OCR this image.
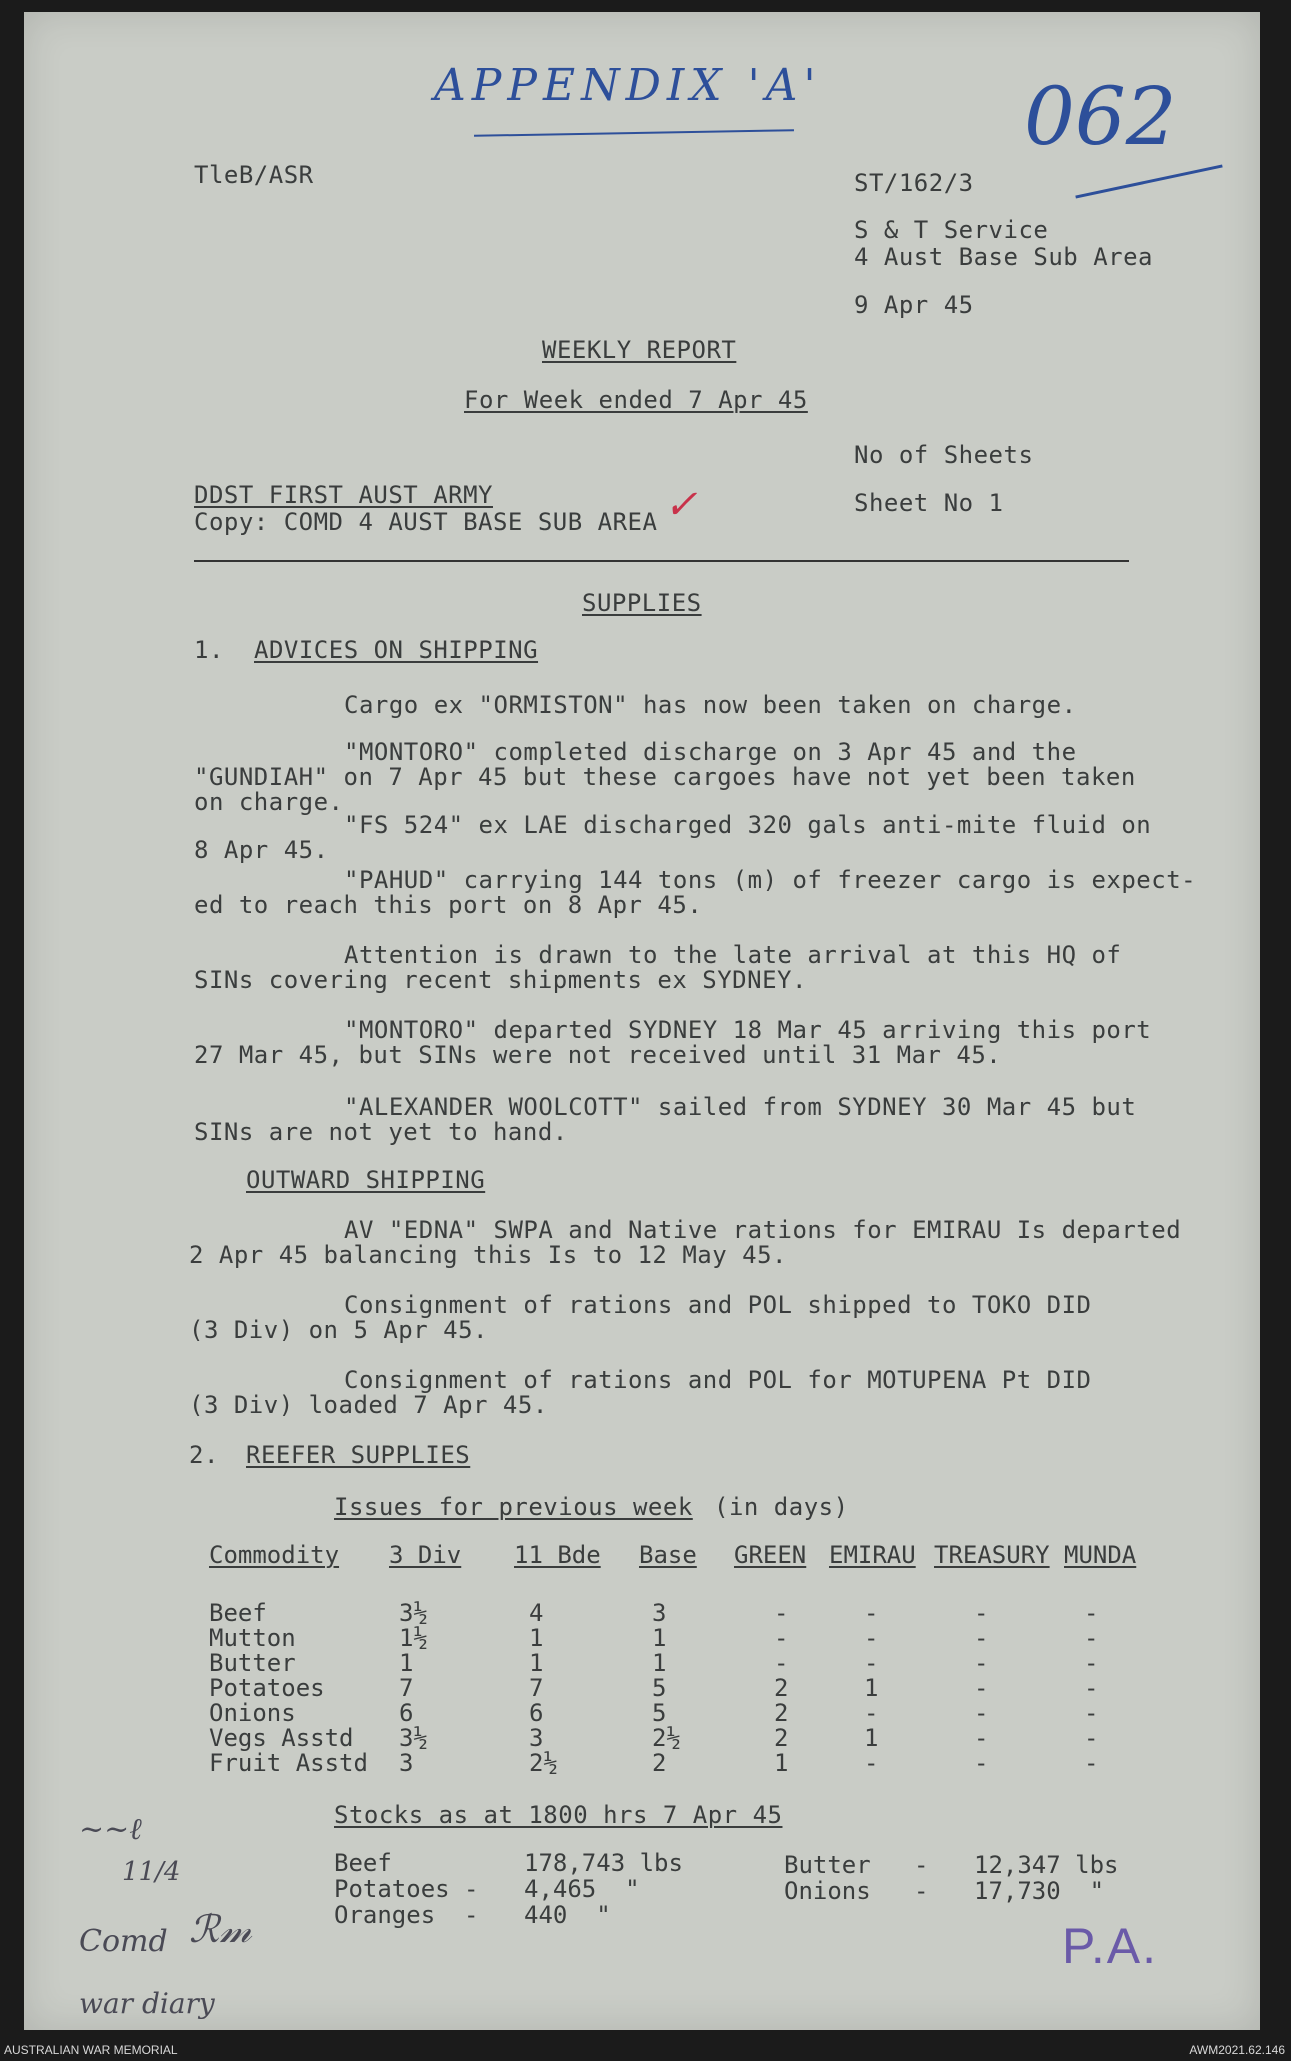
APPENDIX 'A'	062
TleB/ASR	ST/162/3
S & T Service
4 Aust Base Sub Area
9 Apr 45
WEEKLY REPORT
For Week ended 7 Apr 45
No of Sheets
Sheet No 1
DDST FIRST AUST ARMY
Copy: COMD 4 AUST BASE SUB AREA ✓
SUPPLIES
1. ADVICES ON SHIPPING
Cargo ex "ORMISTON" has now been taken on charge.
"MONTORO" completed discharge on 3 Apr 45 and the
"GUNDIAH" on 7 Apr 45 but these cargoes have not yet been taken
on charge.
"FS 524" ex LAE discharged 320 gals anti-mite fluid on
8 Apr 45.
"PAHUD" carrying 144 tons (m) of freezer cargo is expect-
ed to reach this port on 8 Apr 45.
Attention is drawn to the late arrival at this HQ of
SINs covering recent shipments ex SYDNEY.
"MONTORO" departed SYDNEY 18 Mar 45 arriving this port
27 Mar 45, but SINs were not received until 31 Mar 45.
"ALEXANDER WOOLCOTT" sailed from SYDNEY 30 Mar 45 but
SINs are not yet to hand.
OUTWARD SHIPPING
AV "EDNA" SWPA and Native rations for EMIRAU Is departed
2 Apr 45 balancing this Is to 12 May 45.
Consignment of rations and POL shipped to TOKO DID
(3 Div) on 5 Apr 45.
Consignment of rations and POL for MOTUPENA Pt DID
(3 Div) loaded 7 Apr 45.
2. REEFER SUPPLIES
Issues for previous week (in days)
Commodity 3 Div 11 Bde Base GREEN EMIRAU TREASURY MUNDA
Beef	3½	4	3	-	-	-	-
Mutton	1½	1	1	-	-	-	-
Butter	1	1	1	-	-	-	-
Potatoes	7	7	5	2	1	-	-
Onions	6	6	5	2	-	-	-
Vegs Asstd 3½	3	2½	2	1	-	-
Fruit Asstd 3	2½	2	1	-	-	-
Stocks as at 1800 hrs 7 Apr 45
Beef	178,743 lbs
Potatoes - 4,465  "
Oranges - 440  "
Butter - 12,347 lbs
Onions - 17,730  "
~~ℓ
11/4
Comd ℛ𝓂
war diary
P.A.
AUSTRALIAN WAR MEMORIAL	AWM2021.62.146
